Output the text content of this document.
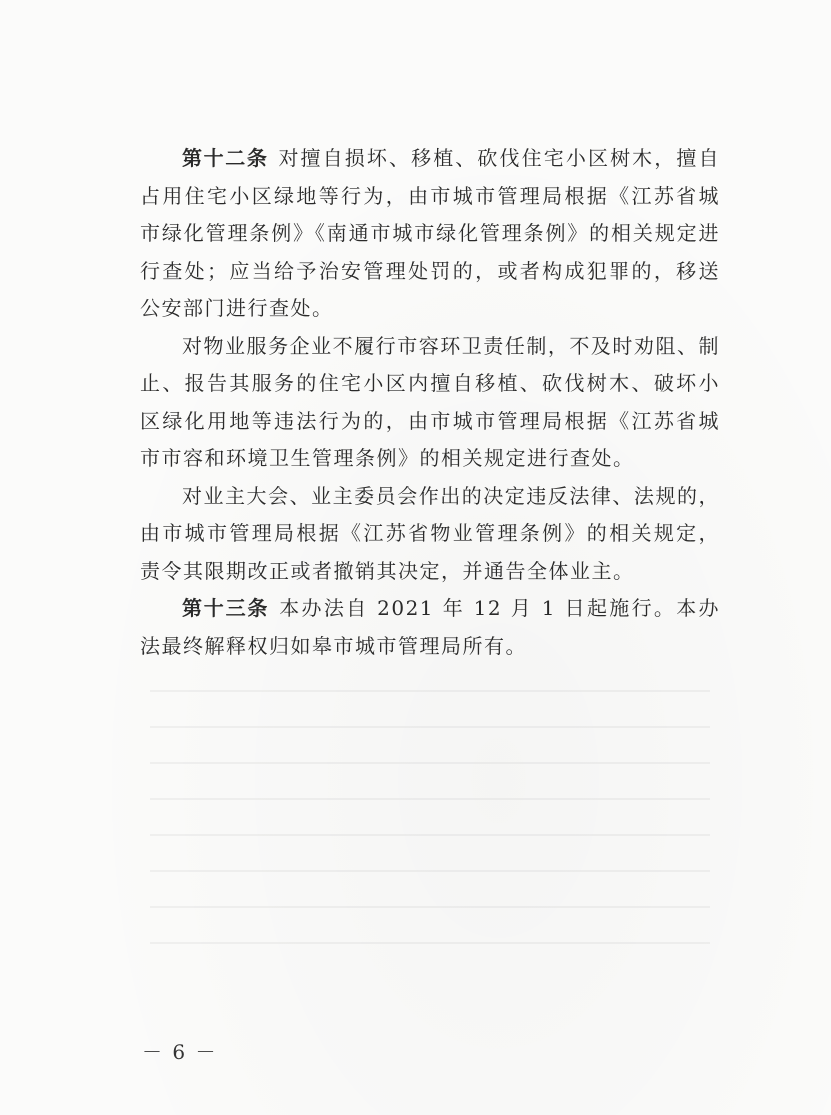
第十二条 对擅自损坏、移植、砍伐住宅小区树木，擅自占用住宅小区绿地等行为，由市城市管理局根据《江苏省城市绿化管理条例》《南通市城市绿化管理条例》的相关规定进行查处；应当给予治安管理处罚的，或者构成犯罪的，移送公安部门进行查处。

对物业服务企业不履行市容环卫责任制，不及时劝阻、制止、报告其服务的住宅小区内擅自移植、砍伐树木、破坏小区绿化用地等违法行为的，由市城市管理局根据《江苏省城市市容和环境卫生管理条例》的相关规定进行查处。

对业主大会、业主委员会作出的决定违反法律、法规的，由市城市管理局根据《江苏省物业管理条例》的相关规定，责令其限期改正或者撤销其决定，并通告全体业主。

第十三条 本办法自 2021 年 12 月 1 日起施行。本办法最终解释权归如皋市城市管理局所有。

－ 6 －
